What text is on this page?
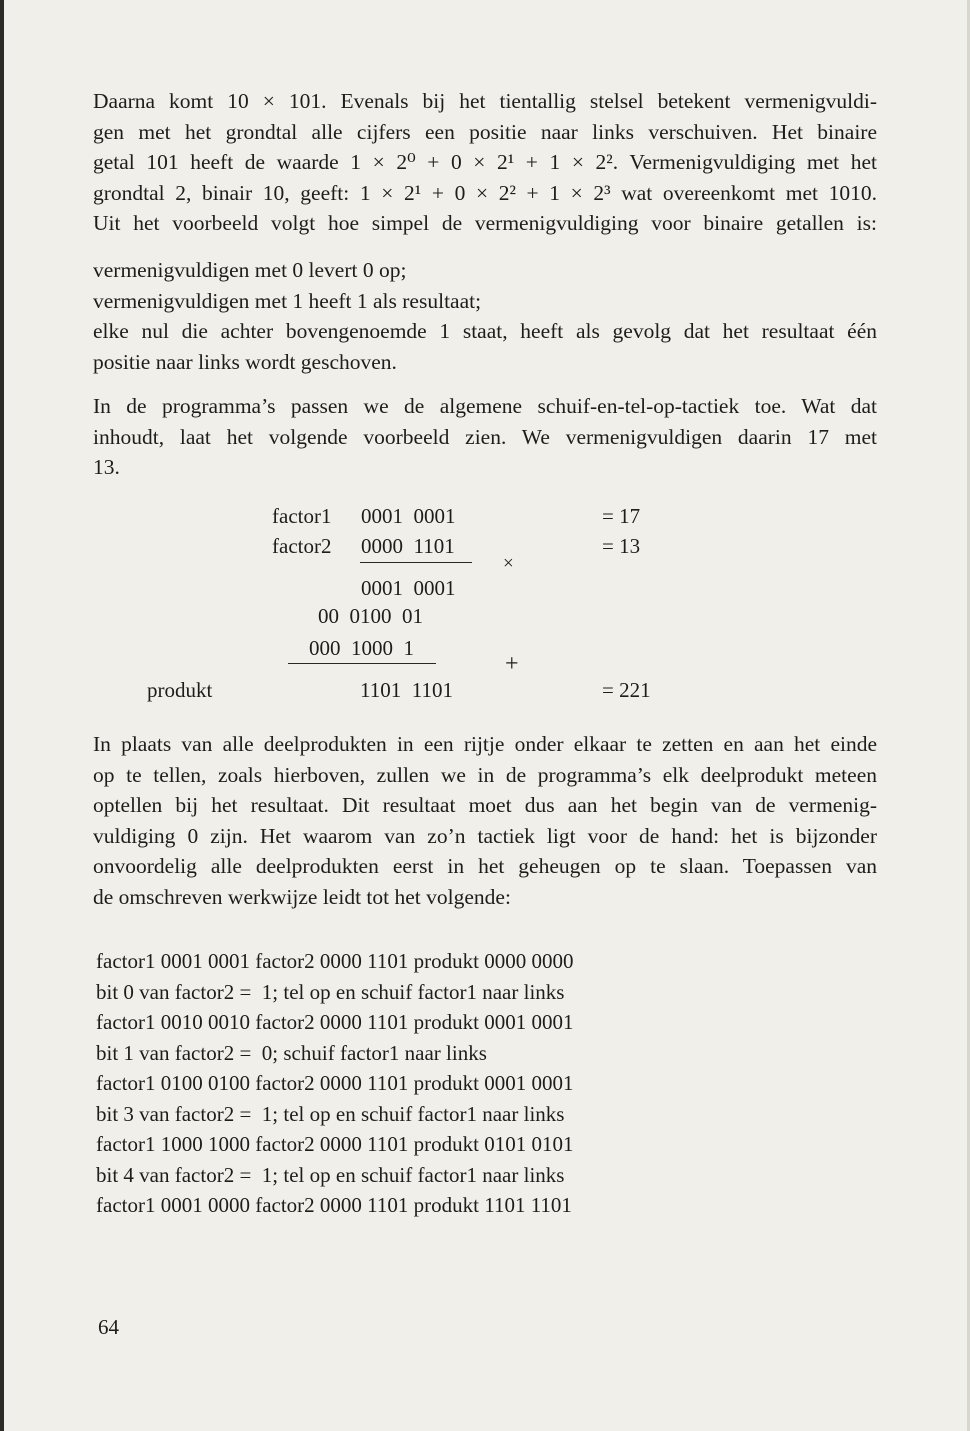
Daarna komt 10 × 101. Evenals bij het tientallig stelsel betekent vermenigvuldi-
gen met het grondtal alle cijfers een positie naar links verschuiven. Het binaire
getal 101 heeft de waarde 1 × 2⁰ + 0 × 2¹ + 1 × 2². Vermenigvuldiging met het
grondtal 2, binair 10, geeft: 1 × 2¹ + 0 × 2² + 1 × 2³ wat overeenkomt met 1010.
Uit het voorbeeld volgt hoe simpel de vermenigvuldiging voor binaire getallen is:

vermenigvuldigen met 0 levert 0 op;
vermenigvuldigen met 1 heeft 1 als resultaat;
elke nul die achter bovengenoemde 1 staat, heeft als gevolg dat het resultaat één
positie naar links wordt geschoven.

In de programma’s passen we de algemene schuif-en-tel-op-tactiek toe. Wat dat
inhoudt, laat het volgende voorbeeld zien. We vermenigvuldigen daarin 17 met
13.

factor1 0001  0001	= 17
factor2 0000  1101	= 13
×
0001  0001
00  0100  01
000  1000  1
+
produkt	1101  1101	= 221

In plaats van alle deelprodukten in een rijtje onder elkaar te zetten en aan het einde
op te tellen, zoals hierboven, zullen we in de programma’s elk deelprodukt meteen
optellen bij het resultaat. Dit resultaat moet dus aan het begin van de vermenig-
vuldiging 0 zijn. Het waarom van zo’n tactiek ligt voor de hand: het is bijzonder
onvoordelig alle deelprodukten eerst in het geheugen op te slaan. Toepassen van
de omschreven werkwijze leidt tot het volgende:

factor1 0001 0001 factor2 0000 1101 produkt 0000 0000
bit 0 van factor2 =  1; tel op en schuif factor1 naar links
factor1 0010 0010 factor2 0000 1101 produkt 0001 0001
bit 1 van factor2 =  0; schuif factor1 naar links
factor1 0100 0100 factor2 0000 1101 produkt 0001 0001
bit 3 van factor2 =  1; tel op en schuif factor1 naar links
factor1 1000 1000 factor2 0000 1101 produkt 0101 0101
bit 4 van factor2 =  1; tel op en schuif factor1 naar links
factor1 0001 0000 factor2 0000 1101 produkt 1101 1101
64
